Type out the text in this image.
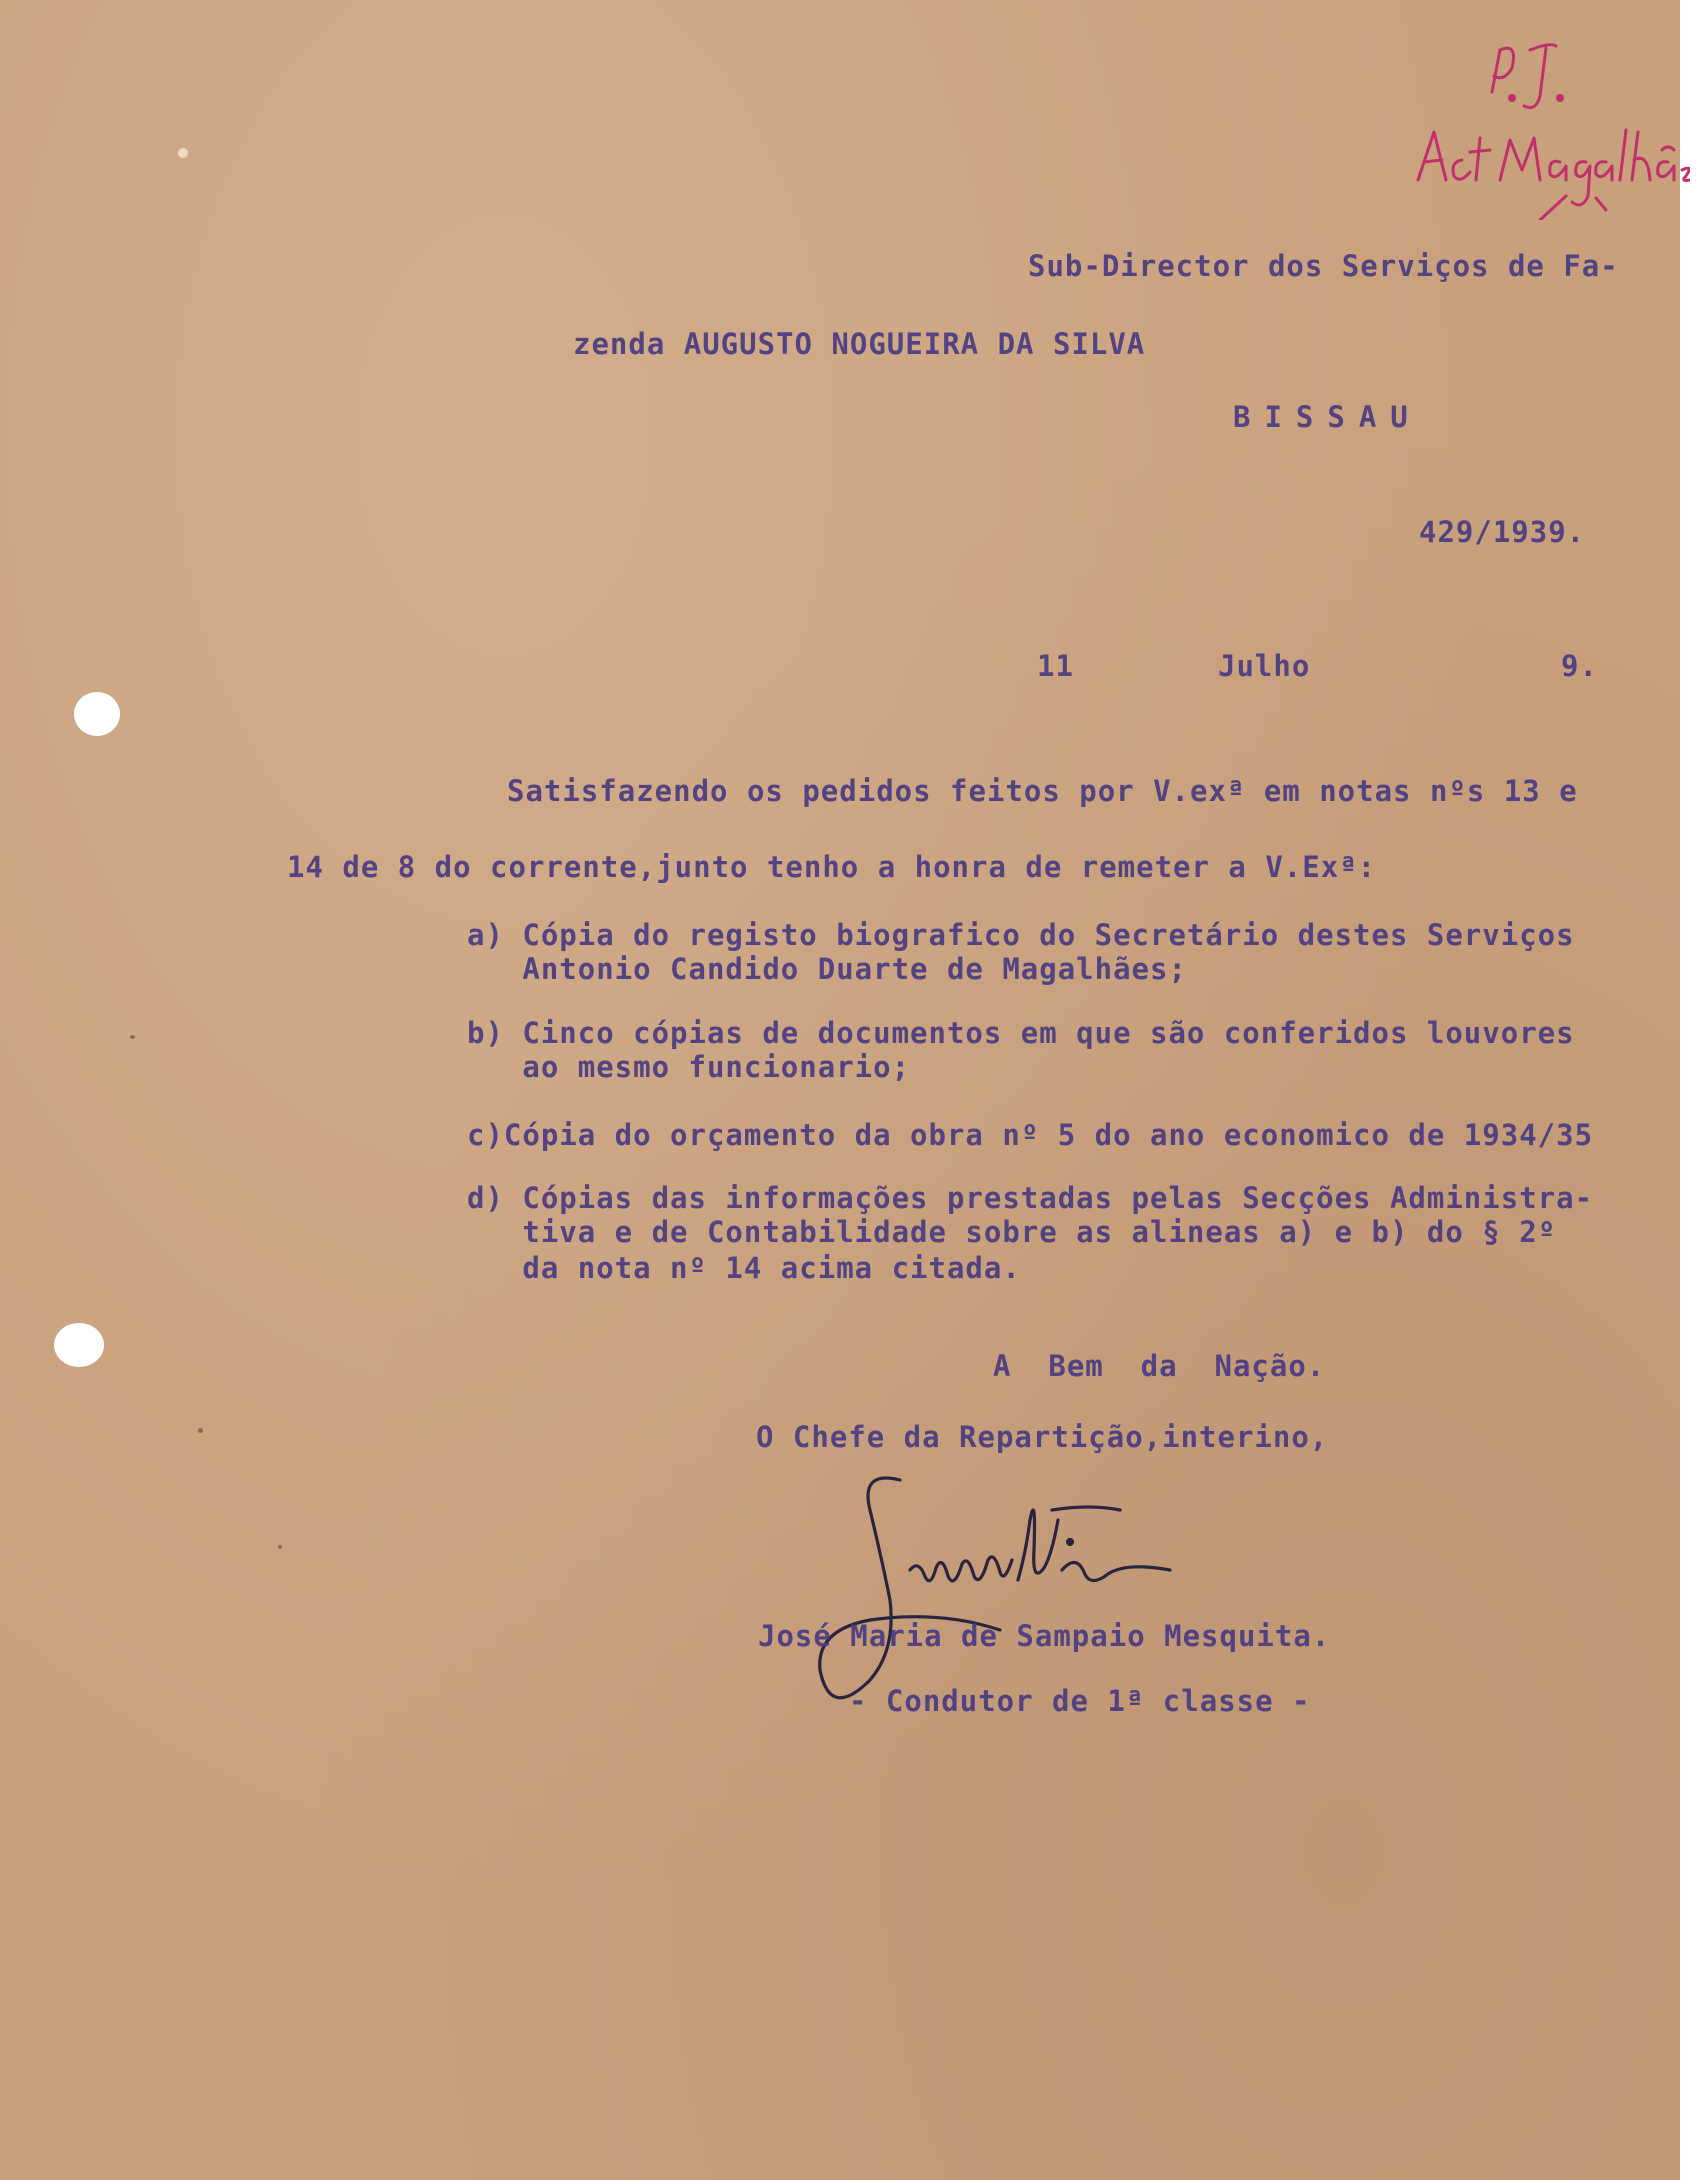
Sub-Director dos Serviços de Fa-
zenda AUGUSTO NOGUEIRA DA SILVA
BISSAU
429/1939.
11	Julho	9.
Satisfazendo os pedidos feitos por V.exª em notas nºs 13 e
14 de 8 do corrente,junto tenho a honra de remeter a V.Exª:
a) Cópia do registo biografico do Secretário destes Serviços
Antonio Candido Duarte de Magalhães;
b) Cinco cópias de documentos em que são conferidos louvores
ao mesmo funcionario;
c)Cópia do orçamento da obra nº 5 do ano economico de 1934/35
d) Cópias das informações prestadas pelas Secções Administra-
tiva e de Contabilidade sobre as alineas a) e b) do § 2º
da nota nº 14 acima citada.
A  Bem  da  Nação.
O Chefe da Repartição,interino,
José Maria de Sampaio Mesquita.
- Condutor de 1ª classe -
